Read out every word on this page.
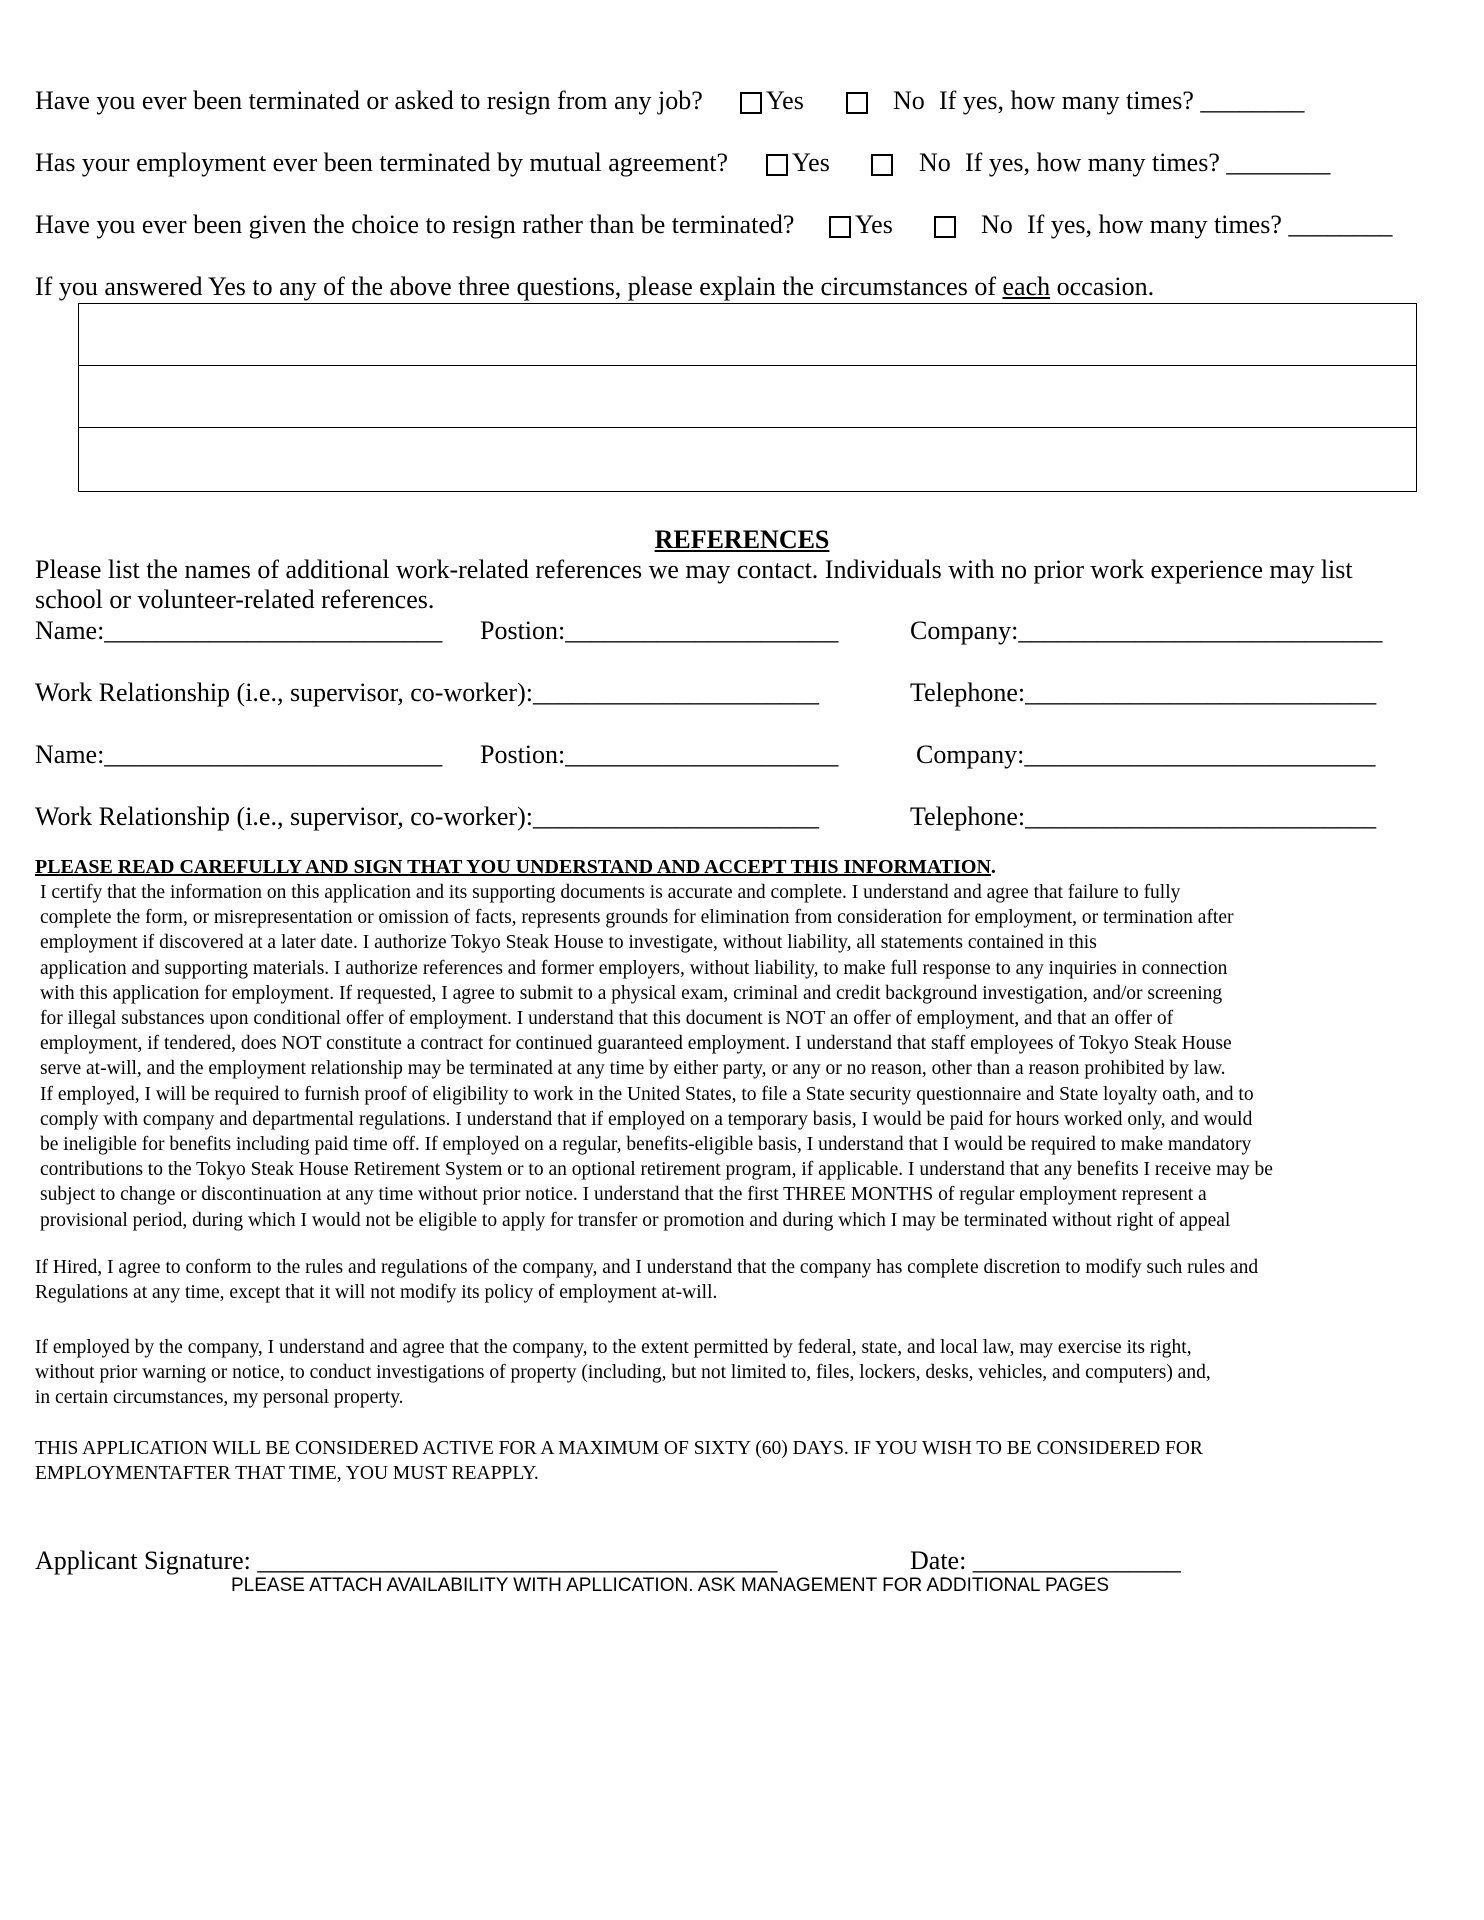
Have you ever been terminated or asked to resign from any job? Yes	No If yes, how many times? ________
Has your employment ever been terminated by mutual agreement? Yes	No If yes, how many times? ________
Have you ever been given the choice to resign rather than be terminated? Yes	No If yes, how many times? ________
If you answered Yes to any of the above three questions, please explain the circumstances of each occasion.
REFERENCES
Please list the names of additional work-related references we may contact. Individuals with no prior work experience may list
school or volunteer-related references.
Name:__________________________ Postion:_____________________	Company:____________________________
Work Relationship (i.e., supervisor, co-worker):______________________	Telephone:___________________________
Name:__________________________ Postion:_____________________	Company:___________________________
Work Relationship (i.e., supervisor, co-worker):______________________	Telephone:___________________________
PLEASE READ CAREFULLY AND SIGN THAT YOU UNDERSTAND AND ACCEPT THIS INFORMATION.
I certify that the information on this application and its supporting documents is accurate and complete. I understand and agree that failure to fully
complete the form, or misrepresentation or omission of facts, represents grounds for elimination from consideration for employment, or termination after
employment if discovered at a later date. I authorize Tokyo Steak House to investigate, without liability, all statements contained in this
application and supporting materials. I authorize references and former employers, without liability, to make full response to any inquiries in connection
with this application for employment. If requested, I agree to submit to a physical exam, criminal and credit background investigation, and/or screening
for illegal substances upon conditional offer of employment. I understand that this document is NOT an offer of employment, and that an offer of
employment, if tendered, does NOT constitute a contract for continued guaranteed employment. I understand that staff employees of Tokyo Steak House
serve at-will, and the employment relationship may be terminated at any time by either party, or any or no reason, other than a reason prohibited by law.
If employed, I will be required to furnish proof of eligibility to work in the United States, to file a State security questionnaire and State loyalty oath, and to
comply with company and departmental regulations. I understand that if employed on a temporary basis, I would be paid for hours worked only, and would
be ineligible for benefits including paid time off. If employed on a regular, benefits-eligible basis, I understand that I would be required to make mandatory
contributions to the Tokyo Steak House Retirement System or to an optional retirement program, if applicable. I understand that any benefits I receive may be
subject to change or discontinuation at any time without prior notice. I understand that the first THREE MONTHS of regular employment represent a
provisional period, during which I would not be eligible to apply for transfer or promotion and during which I may be terminated without right of appeal
If Hired, I agree to conform to the rules and regulations of the company, and I understand that the company has complete discretion to modify such rules and
Regulations at any time, except that it will not modify its policy of employment at-will.
If employed by the company, I understand and agree that the company, to the extent permitted by federal, state, and local law, may exercise its right,
without prior warning or notice, to conduct investigations of property (including, but not limited to, files, lockers, desks, vehicles, and computers) and,
in certain circumstances, my personal property.
THIS APPLICATION WILL BE CONSIDERED ACTIVE FOR A MAXIMUM OF SIXTY (60) DAYS. IF YOU WISH TO BE CONSIDERED FOR
EMPLOYMENTAFTER THAT TIME, YOU MUST REAPPLY.
Applicant Signature: ________________________________________	Date: ________________
PLEASE ATTACH AVAILABILITY WITH APLLICATION. ASK MANAGEMENT FOR ADDITIONAL PAGES
